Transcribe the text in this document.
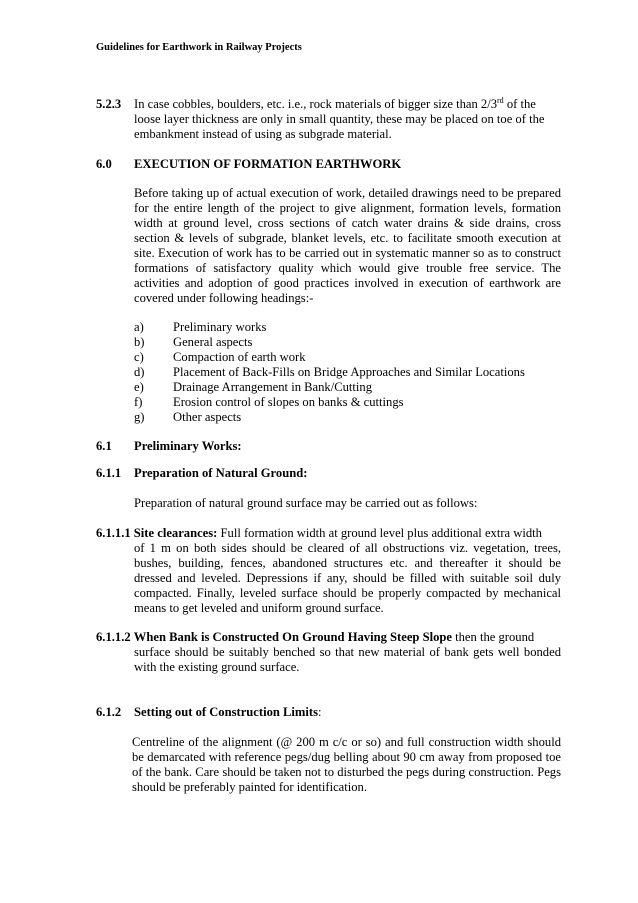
Guidelines for Earthwork in Railway Projects
5.2.3 In case cobbles, boulders, etc. i.e., rock materials of bigger size than 2/3rd of the
loose layer thickness are only in small quantity, these may be placed on toe of the
embankment instead of using as subgrade material.
6.0 EXECUTION OF FORMATION EARTHWORK
Before taking up of actual execution of work, detailed drawings need to be prepared for the entire length of the project to give alignment, formation levels, formation width at ground level, cross sections of catch water drains & side drains, cross section & levels of subgrade, blanket levels, etc. to facilitate smooth execution at site. Execution of work has to be carried out in systematic manner so as to construct formations of satisfactory quality which would give trouble free service. The activities and adoption of good practices involved in execution of earthwork are covered under following headings:-
a) Preliminary works
b) General aspects
c) Compaction of earth work
d) Placement of Back-Fills on Bridge Approaches and Similar Locations
e) Drainage Arrangement in Bank/Cutting
f) Erosion control of slopes on banks & cuttings
g) Other aspects
6.1 Preliminary Works:
6.1.1 Preparation of Natural Ground:
Preparation of natural ground surface may be carried out as follows:
6.1.1.1 Site clearances: Full formation width at ground level plus additional extra width
of 1 m on both sides should be cleared of all obstructions viz. vegetation, trees, bushes, building, fences, abandoned structures etc. and thereafter it should be dressed and leveled. Depressions if any, should be filled with suitable soil duly compacted. Finally, leveled surface should be properly compacted by mechanical means to get leveled and uniform ground surface.
6.1.1.2 When Bank is Constructed On Ground Having Steep Slope then the ground
surface should be suitably benched so that new material of bank gets well bonded with the existing ground surface.
6.1.2 Setting out of Construction Limits:
Centreline of the alignment (@ 200 m c/c or so) and full construction width should be demarcated with reference pegs/dug belling about 90 cm away from proposed toe of the bank. Care should be taken not to disturbed the pegs during construction. Pegs should be preferably painted for identification.
